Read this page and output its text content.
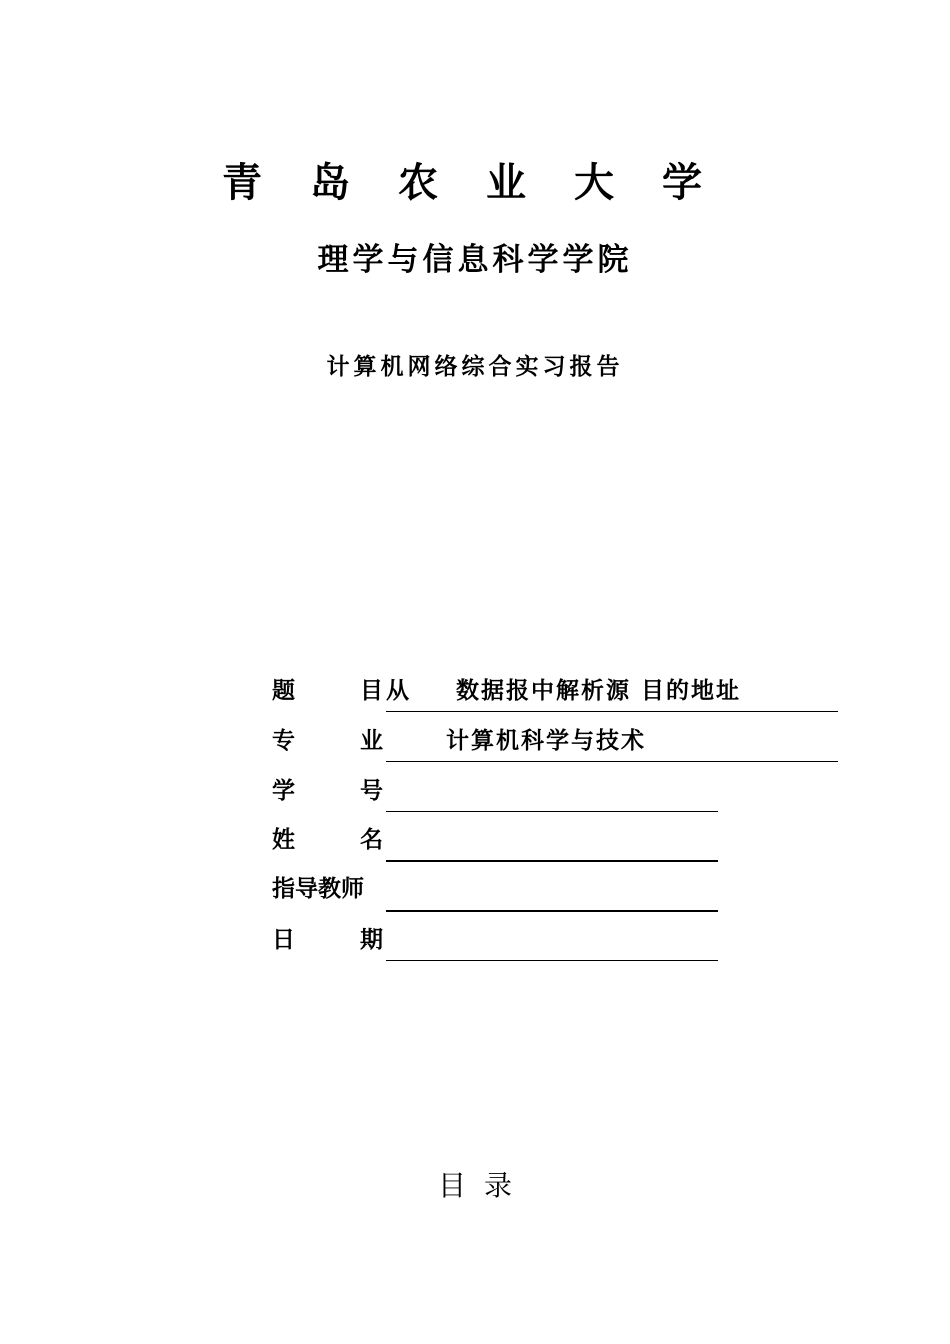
青岛农业大学
理学与信息科学学院
计算机网络综合实习报告
题	目 从 数据报中解析源 目的地址
专	业	计算机科学与技术
学	号
姓	名
指导教师
日	期
目录
